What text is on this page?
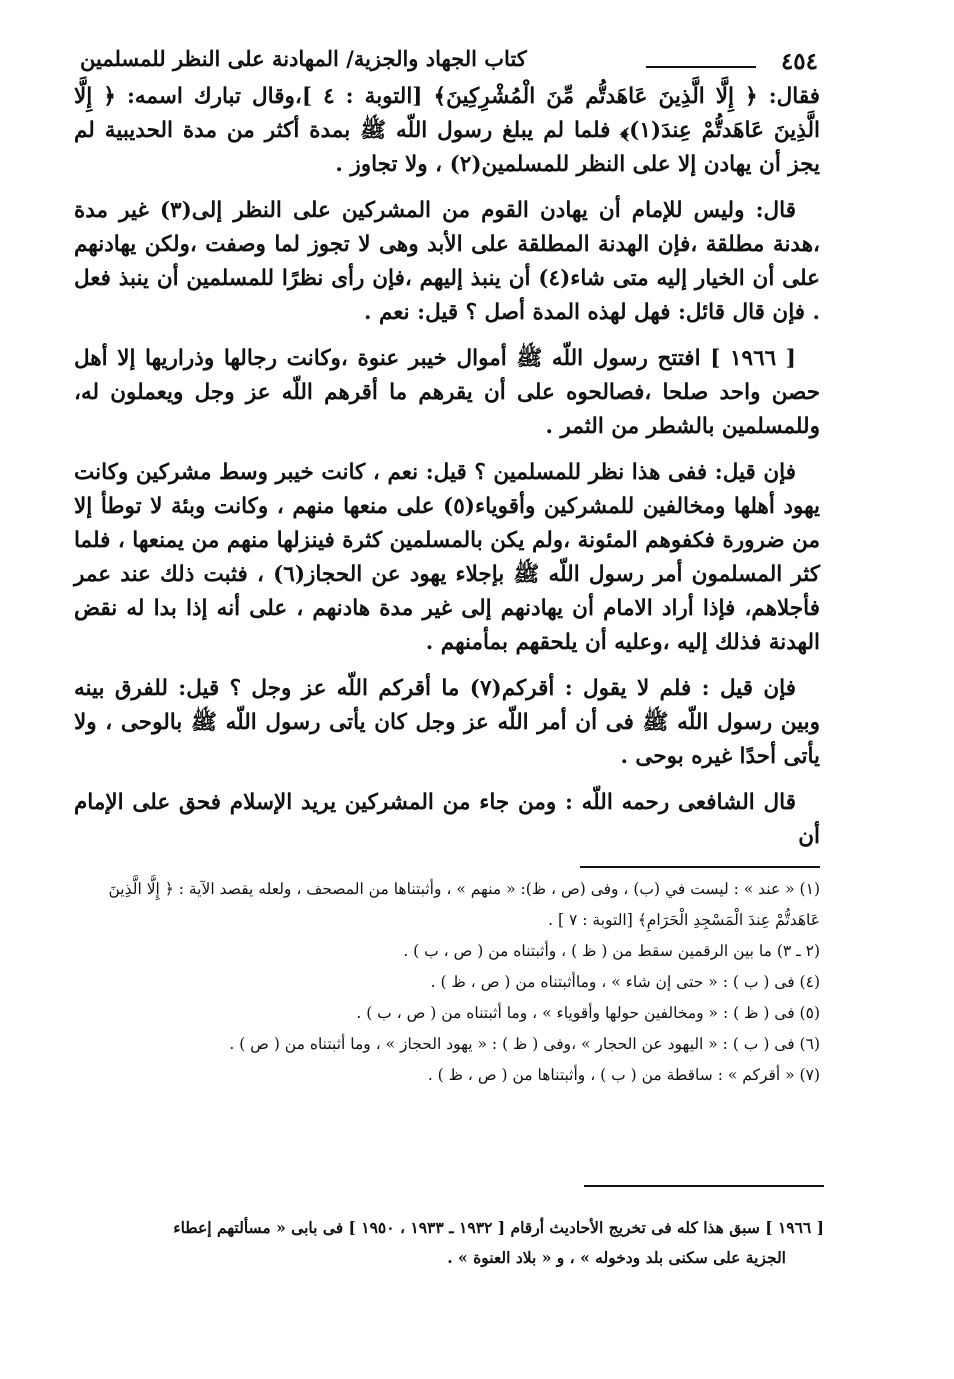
٤٥٤
كتاب الجهاد والجزية/ المهادنة على النظر للمسلمين

فقال: ﴿ إِلَّا الَّذِينَ عَاهَدتُّم مِّنَ الْمُشْرِكِينَ﴾ [التوبة : ٤ ]،وقال تبارك اسمه: ﴿ إِلَّا الَّذِينَ عَاهَدتُّمْ عِندَ(١)﴾ فلما لم يبلغ رسول اللّه ﷺ بمدة أكثر من مدة الحديبية لم يجز أن يهادن إلا على النظر للمسلمين(٢) ، ولا تجاوز .

قال: وليس للإمام أن يهادن القوم من المشركين على النظر إلى(٣) غير مدة ،هدنة مطلقة ،فإن الهدنة المطلقة على الأبد وهى لا تجوز لما وصفت ،ولكن يهادنهم على أن الخيار إليه متى شاء(٤) أن ينبذ إليهم ،فإن رأى نظرًا للمسلمين أن ينبذ فعل . فإن قال قائل: فهل لهذه المدة أصل ؟ قيل: نعم .

[ ١٩٦٦ ] افتتح رسول اللّه ﷺ أموال خيبر عنوة ،وكانت رجالها وذراريها إلا أهل حصن واحد صلحا ،فصالحوه على أن يقرهم ما أقرهم اللّه عز وجل ويعملون له، وللمسلمين بالشطر من الثمر .

فإن قيل: ففى هذا نظر للمسلمين ؟ قيل: نعم ، كانت خيبر وسط مشركين وكانت يهود أهلها ومخالفين للمشركين وأقوياء(٥) على منعها منهم ، وكانت وبئة لا توطأ إلا من ضرورة فكفوهم المئونة ،ولم يكن بالمسلمين كثرة فينزلها منهم من يمنعها ، فلما كثر المسلمون أمر رسول اللّه ﷺ بإجلاء يهود عن الحجاز(٦) ، فثبت ذلك عند عمر فأجلاهم، فإذا أراد الامام أن يهادنهم إلى غير مدة هادنهم ، على أنه إذا بدا له نقض الهدنة فذلك إليه ،وعليه أن يلحقهم بمأمنهم .

فإن قيل : فلم لا يقول : أقركم(٧) ما أقركم اللّه عز وجل ؟ قيل: للفرق بينه وبين رسول اللّه ﷺ فى أن أمر اللّه عز وجل كان يأتى رسول اللّه ﷺ بالوحى ، ولا يأتى أحدًا غيره بوحى .

قال الشافعى رحمه اللّه : ومن جاء من المشركين يريد الإسلام فحق على الإمام أن

(١) « عند » : ليست في (ب) ، وفى (ص ، ظ): « منهم » ، وأثبتناها من المصحف ، ولعله يقصد الآية : ﴿ إِلَّا الَّذِينَ عَاهَدتُّمْ عِندَ الْمَسْجِدِ الْحَرَامِ﴾ [التوبة : ٧ ] .
(٢ ـ ٣) ما بين الرقمين سقط من ( ظ ) ، وأثبتناه من ( ص ، ب ) .
(٤) فى ( ب ) : « حتى إن شاء » ، وماأثبتناه من ( ص ، ظ ) .
(٥) فى ( ظ ) : « ومخالفين حولها وأقوياء » ، وما أثبتناه من ( ص ، ب ) .
(٦) فى ( ب ) : « اليهود عن الحجار » ،وفى ( ظ ) : « يهود الحجاز » ، وما أثبتناه من ( ص ) .
(٧) « أقركم » : ساقطة من ( ب ) ، وأثبتناها من ( ص ، ظ ) .

[ ١٩٦٦ ] سبق هذا كله فى تخريج الأحاديث أرقام [ ١٩٣٢ ـ ١٩٣٣ ، ١٩٥٠ ] فى بابى « مسألتهم إعطاء

الجزية على سكنى بلد ودخوله » ، و « بلاد العنوة » .
